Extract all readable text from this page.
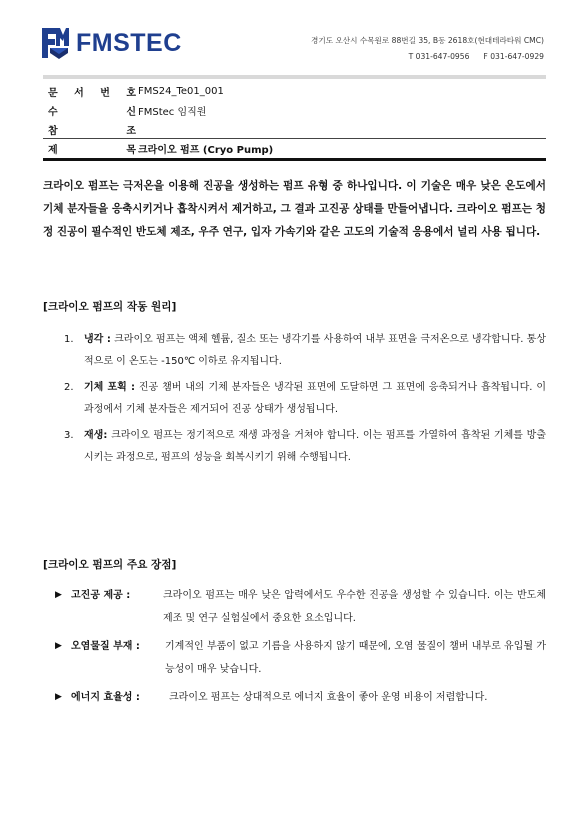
FMSTEC	경기도 오산시 수목원로 88번길 35, B동 2618호(현대테라타워 CMC)
T 031-647-0956 F 031-647-0929
문 서 번 호 FMS24_Te01_001
수	신 FMStec 임직원
참	조
제	목 크라이오 펌프 (Cryo Pump)

크라이오 펌프는 극저온을 이용해 진공을 생성하는 펌프 유형 중 하나입니다. 이 기술은 매우 낮은 온도에서 기체 분자들을 응축시키거나 흡착시켜서 제거하고, 그 결과 고진공 상태를 만들어냅니다. 크라이오 펌프는 청정 진공이 필수적인 반도체 제조, 우주 연구, 입자 가속기와 같은 고도의 기술적 응용에서 널리 사용 됩니다.

[크라이오 펌프의 작동 원리]
1.	냉각 : 크라이오 펌프는 액체 헬륨, 질소 또는 냉각기를 사용하여 내부 표면을 극저온으로 냉각합니다. 통상적으로 이 온도는 -150℃ 이하로 유지됩니다.
2.	기체 포획 : 진공 챔버 내의 기체 분자들은 냉각된 표면에 도달하면 그 표면에 응축되거나 흡착됩니다. 이 과정에서 기체 분자들은 제거되어 진공 상태가 생성됩니다.
3.	재생: 크라이오 펌프는 정기적으로 재생 과정을 거쳐야 합니다. 이는 펌프를 가열하여 흡착된 기체를 방출시키는 과정으로, 펌프의 성능을 회복시키기 위해 수행됩니다.
[크라이오 펌프의 주요 장점]
▶ 고진공 제공 :	크라이오 펌프는 매우 낮은 압력에서도 우수한 진공을 생성할 수 있습니다. 이는 반도체 제조 및 연구 실험실에서 중요한 요소입니다.
▶ 오염물질 부재 :	기계적인 부품이 없고 기름을 사용하지 않기 때문에, 오염 물질이 챔버 내부로 유입될 가능성이 매우 낮습니다.
▶ 에너지 효율성 :	크라이오 펌프는 상대적으로 에너지 효율이 좋아 운영 비용이 저렴합니다.
